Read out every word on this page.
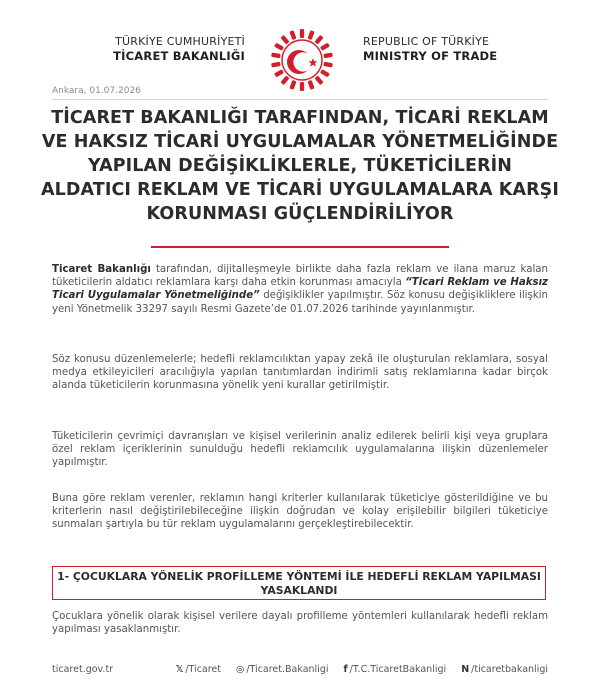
TÜRKİYE CUMHURİYETİ
TİCARET BAKANLIĞI
REPUBLIC OF TÜRKİYE
MINISTRY OF TRADE
Ankara, 01.07.2026
TİCARET BAKANLIĞI TARAFINDAN, TİCARİ REKLAM VE HAKSIZ TİCARİ UYGULAMALAR YÖNETMELİĞİNDE YAPILAN DEĞİŞİKLİKLERLE, TÜKETİCİLERİN ALDATICI REKLAM VE TİCARİ UYGULAMALARA KARŞI KORUNMASI GÜÇLENDİRİLİYOR

Ticaret Bakanlığı tarafından, dijitalleşmeyle birlikte daha fazla reklam ve ilana maruz kalan tüketicilerin aldatıcı reklamlara karşı daha etkin korunması amacıyla “Ticari Reklam ve Haksız Ticari Uygulamalar Yönetmeliğinde” değişiklikler yapılmıştır. Söz konusu değişikliklere ilişkin yeni Yönetmelik 33297 sayılı Resmi Gazete’de 01.07.2026 tarihinde yayınlanmıştır.

Söz konusu düzenlemelerle; hedefli reklamcılıktan yapay zekâ ile oluşturulan reklamlara, sosyal medya etkileyicileri aracılığıyla yapılan tanıtımlardan indirimli satış reklamlarına kadar birçok alanda tüketicilerin korunmasına yönelik yeni kurallar getirilmiştir.

Tüketicilerin çevrimiçi davranışları ve kişisel verilerinin analiz edilerek belirli kişi veya gruplara özel reklam içeriklerinin sunulduğu hedefli reklamcılık uygulamalarına ilişkin düzenlemeler yapılmıştır.

Buna göre reklam verenler, reklamın hangi kriterler kullanılarak tüketiciye gösterildiğine ve bu kriterlerin nasıl değiştirilebileceğine ilişkin doğrudan ve kolay erişilebilir bilgileri tüketiciye sunmaları şartıyla bu tür reklam uygulamalarını gerçekleştirebilecektir.

1- ÇOCUKLARA YÖNELİK PROFİLLEME YÖNTEMİ İLE HEDEFLİ REKLAM YAPILMASI YASAKLANDI

Çocuklara yönelik olarak kişisel verilere dayalı profilleme yöntemleri kullanılarak hedefli reklam yapılması yasaklanmıştır.

ticaret.gov.tr	𝕏 /Ticaret ◎ /Ticaret.Bakanligi f /T.C.TicaretBakanligi N /ticaretbakanligi
